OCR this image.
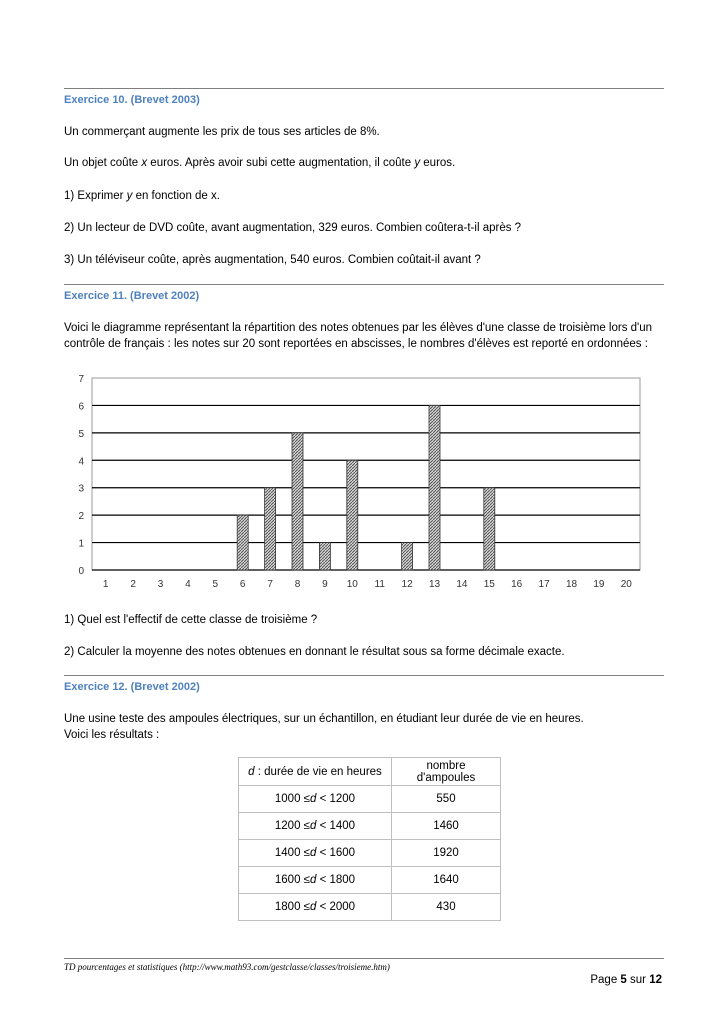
Exercice 10. (Brevet 2003)
Un commerçant augmente les prix de tous ses articles de 8%.
Un objet coûte x euros. Après avoir subi cette augmentation, il coûte y euros.
1) Exprimer y en fonction de x.
2) Un lecteur de DVD coûte, avant augmentation, 329 euros. Combien coûtera-t-il après ?
3) Un téléviseur coûte, après augmentation, 540 euros. Combien coûtait-il avant ?
Exercice 11. (Brevet 2002)
Voici le diagramme représentant la répartition des notes obtenues par les élèves d'une classe de troisième lors d'un
contrôle de français : les notes sur 20 sont reportées en abscisses, le nombres d'élèves est reporté en ordonnées :
0
1
2
3
4
5
6
7
1 2 3 4 5 6 7 8 9 10 11 12 13 14 15 16 17 18 19 20
1) Quel est l'effectif de cette classe de troisième ?
2) Calculer la moyenne des notes obtenues en donnant le résultat sous sa forme décimale exacte.
Exercice 12. (Brevet 2002)
Une usine teste des ampoules électriques, sur un échantillon, en étudiant leur durée de vie en heures.
Voici les résultats :
d : durée de vie en heures	nombre d'ampoules
1000 ≤d < 1200	550
1200 ≤d < 1400	1460
1400 ≤d < 1600	1920
1600 ≤d < 1800	1640
1800 ≤d < 2000	430
TD pourcentages et statistiques (http://www.math93.com/gestclasse/classes/troisieme.htm)
Page 5 sur 12
